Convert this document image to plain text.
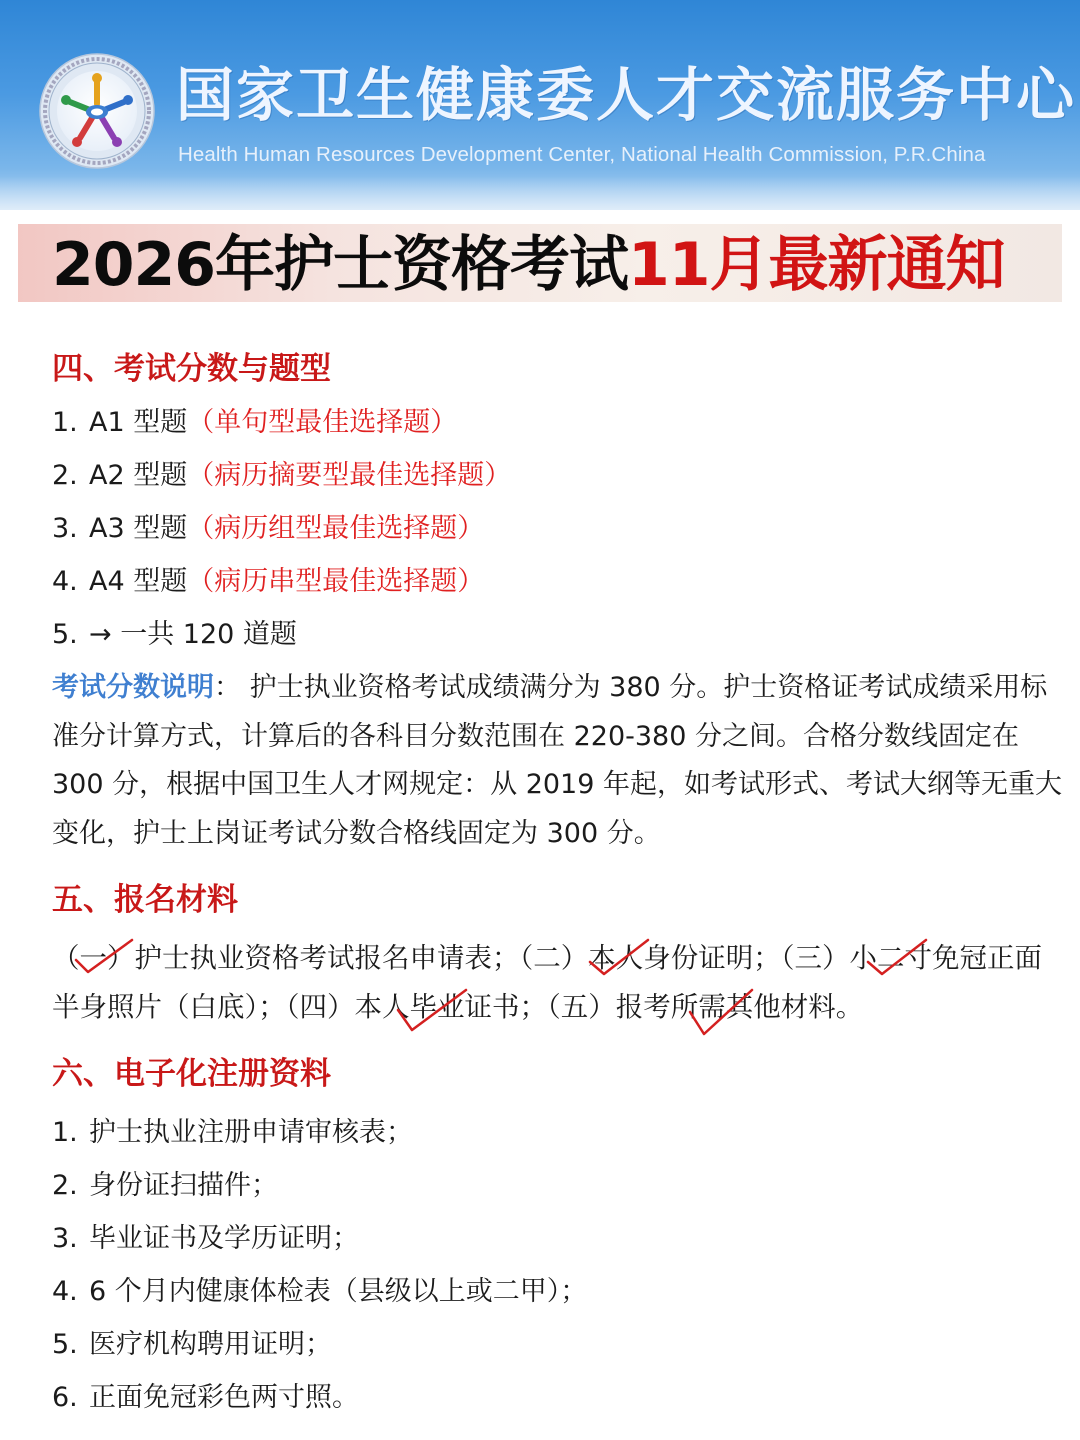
国家卫生健康委人才交流服务中心
Health Human Resources Development Center, National Health Commission, P.R.China
2026年护士资格考试11月最新通知
四、考试分数与题型
1. A1 型题（单句型最佳选择题）
2. A2 型题（病历摘要型最佳选择题）
3. A3 型题（病历组型最佳选择题）
4. A4 型题（病历串型最佳选择题）
5. → 一共 120 道题
考试分数说明： 护士执业资格考试成绩满分为 380 分。护士资格证考试成绩采用标准分计算方式，计算后的各科目分数范围在 220-380 分之间。合格分数线固定在 300 分，根据中国卫生人才网规定：从 2019 年起，如考试形式、考试大纲等无重大变化，护士上岗证考试分数合格线固定为 300 分。
五、报名材料
（一）护士执业资格考试报名申请表；（二）本人身份证明；（三）小二寸免冠正面半身照片（白底）；（四）本人毕业证书；（五）报考所需其他材料。
六、电子化注册资料
1. 护士执业注册申请审核表；
2. 身份证扫描件；
3. 毕业证书及学历证明；
4. 6 个月内健康体检表（县级以上或二甲）；
5. 医疗机构聘用证明；
6. 正面免冠彩色两寸照。
